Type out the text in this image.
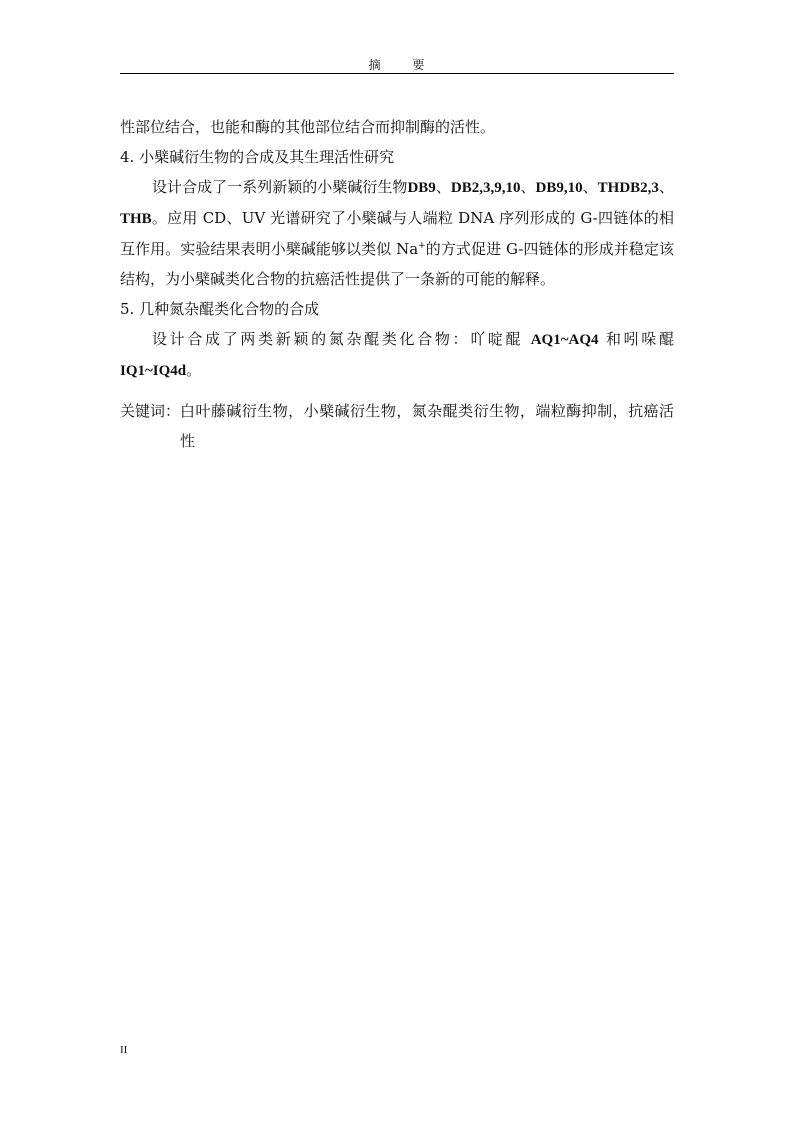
摘 要

性部位结合，也能和酶的其他部位结合而抑制酶的活性。

4. 小檗碱衍生物的合成及其生理活性研究

设计合成了一系列新颖的小檗碱衍生物DB9、DB2,3,9,10、DB9,10、THDB2,3、THB。应用 CD、UV 光谱研究了小檗碱与人端粒 DNA 序列形成的 G-四链体的相互作用。实验结果表明小檗碱能够以类似 Na+的方式促进 G-四链体的形成并稳定该结构，为小檗碱类化合物的抗癌活性提供了一条新的可能的解释。

5. 几种氮杂醌类化合物的合成

设计合成了两类新颖的氮杂醌类化合物：吖啶醌 AQ1~AQ4 和吲哚醌 IQ1~IQ4d。

关键词： 白叶藤碱衍生物，小檗碱衍生物，氮杂醌类衍生物，端粒酶抑制，抗癌活性

II
